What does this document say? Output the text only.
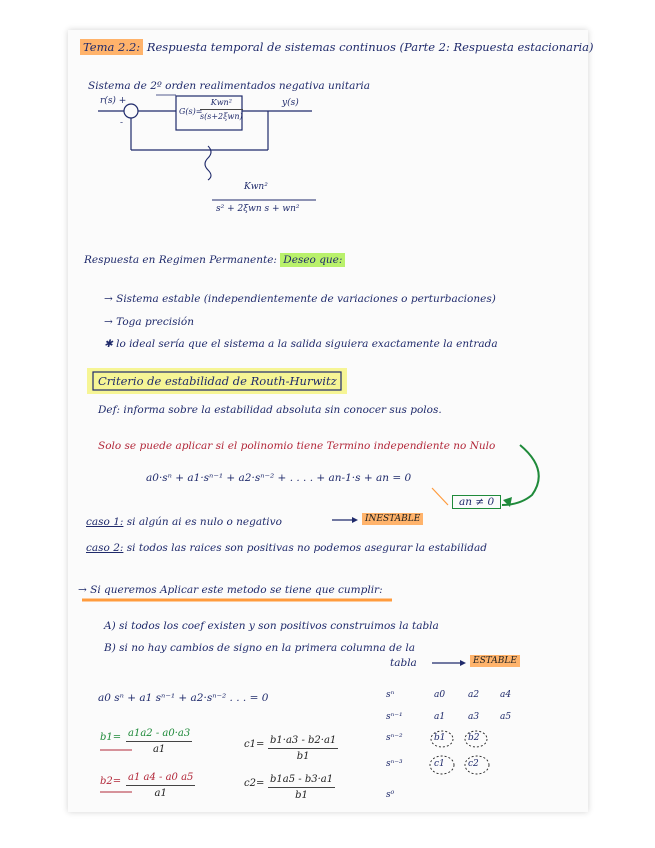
Tema 2.2: Respuesta temporal de sistemas continuos (Parte 2: Respuesta estacionaria)
Sistema de 2º orden realimentados negativa unitaria
r(s) +
-
G(s)=
Kwn²
s(s+2ξwn)
y(s)
Kwn²
s² + 2ξwn s + wn²
Respuesta en Regimen Permanente: Deseo que:
→ Sistema estable (independientemente de variaciones o perturbaciones)
→ Toga precisión
✱ lo ideal sería que el sistema a la salida siguiera exactamente la entrada
Criterio de estabilidad de Routh-Hurwitz
Def: informa sobre la estabilidad absoluta sin conocer sus polos.
Solo se puede aplicar si el polinomio tiene Termino independiente no Nulo
a0·sⁿ + a1·sⁿ⁻¹ + a2·sⁿ⁻² + . . . . + an-1·s + an = 0
an ≠ 0
caso 1: si algún ai es nulo o negativo	INESTABLE
caso 2: si todos las raices son positivas no podemos asegurar la estabilidad
→ Si queremos Aplicar este metodo se tiene que cumplir:
A) si todos los coef existen y son positivos construimos la tabla
B) si no hay cambios de signo en la primera columna de la
tabla	ESTABLE
a0 sⁿ + a1 sⁿ⁻¹ + a2·sⁿ⁻² . . . = 0
$b1= \frac{a1a2 - a0\cdot a3}{a1}$	$c1= \frac{b1\cdot a3 - b2\cdot a1}{b1}$
$b2= \frac{a1 a4 - a0 a5}{a1}$	$c2= \frac{b1a5 - b3\cdot a1}{b1}$
sⁿ	a0	a2 a4
sⁿ⁻¹	a1	a3 a5
sⁿ⁻²	b1	b2
sⁿ⁻³	c1	c2
s⁰
